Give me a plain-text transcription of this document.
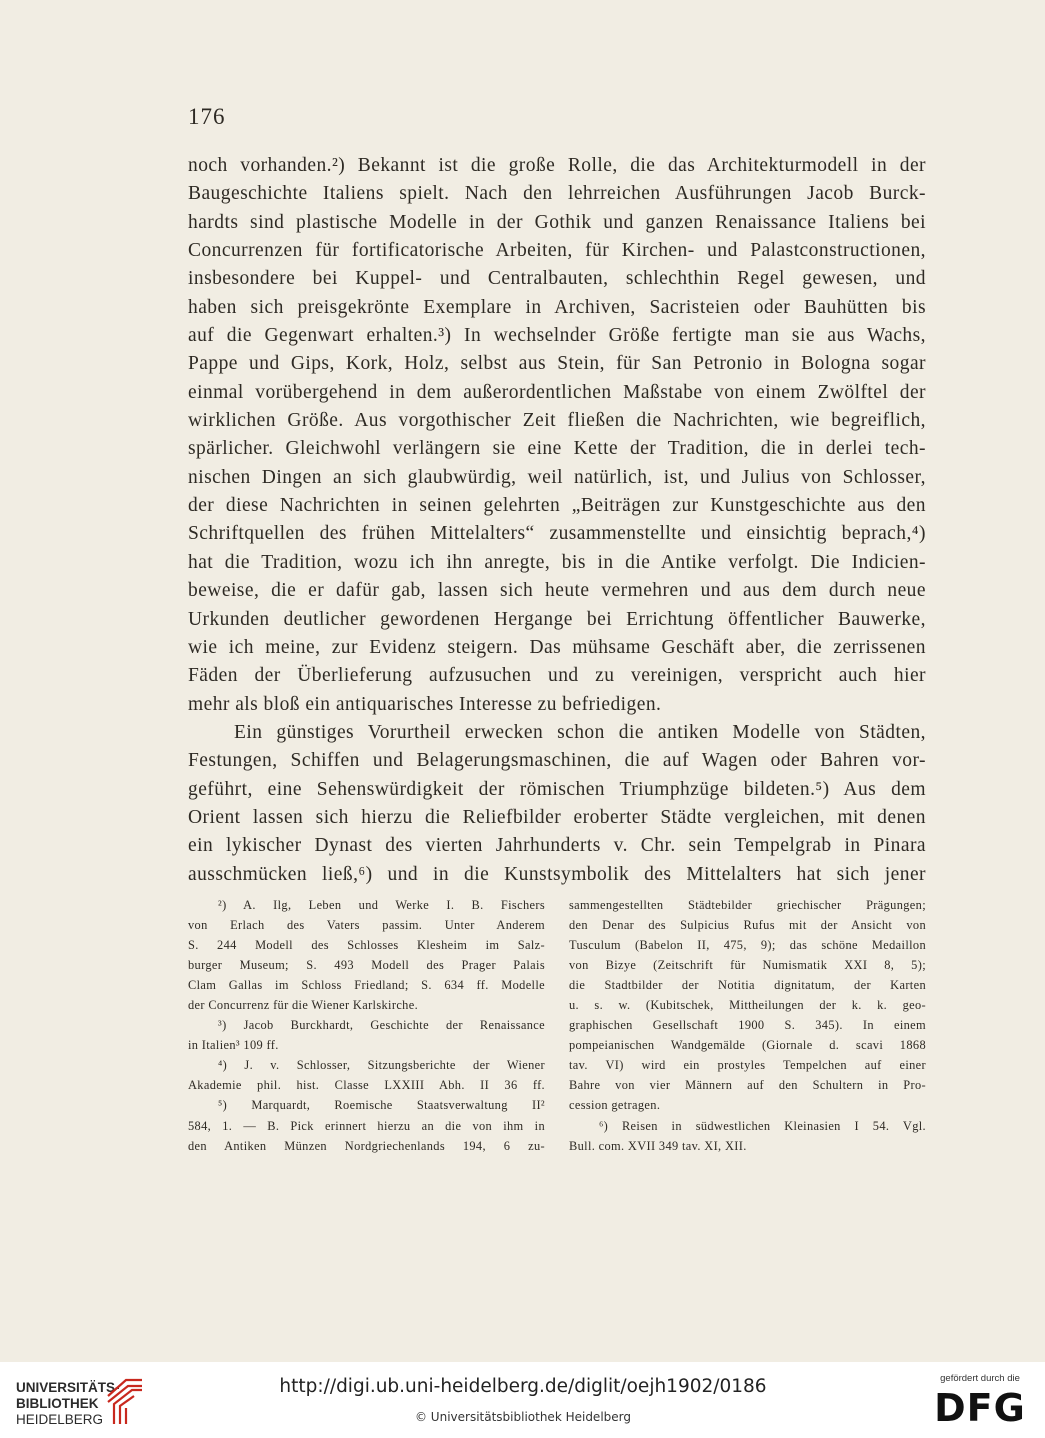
176
noch vorhanden.²) Bekannt ist die große Rolle, die das Architekturmodell in der
Baugeschichte Italiens spielt. Nach den lehrreichen Ausführungen Jacob Burck-
hardts sind plastische Modelle in der Gothik und ganzen Renaissance Italiens bei
Concurrenzen für fortificatorische Arbeiten, für Kirchen- und Palastconstructionen,
insbesondere bei Kuppel- und Centralbauten, schlechthin Regel gewesen, und
haben sich preisgekrönte Exemplare in Archiven, Sacristeien oder Bauhütten bis
auf die Gegenwart erhalten.³) In wechselnder Größe fertigte man sie aus Wachs,
Pappe und Gips, Kork, Holz, selbst aus Stein, für San Petronio in Bologna sogar
einmal vorübergehend in dem außerordentlichen Maßstabe von einem Zwölftel der
wirklichen Größe. Aus vorgothischer Zeit fließen die Nachrichten, wie begreiflich,
spärlicher. Gleichwohl verlängern sie eine Kette der Tradition, die in derlei tech-
nischen Dingen an sich glaubwürdig, weil natürlich, ist, und Julius von Schlosser,
der diese Nachrichten in seinen gelehrten „Beiträgen zur Kunstgeschichte aus den
Schriftquellen des frühen Mittelalters“ zusammenstellte und einsichtig beprach,⁴)
hat die Tradition, wozu ich ihn anregte, bis in die Antike verfolgt. Die Indicien-
beweise, die er dafür gab, lassen sich heute vermehren und aus dem durch neue
Urkunden deutlicher gewordenen Hergange bei Errichtung öffentlicher Bauwerke,
wie ich meine, zur Evidenz steigern. Das mühsame Geschäft aber, die zerrissenen
Fäden der Überlieferung aufzusuchen und zu vereinigen, verspricht auch hier
mehr als bloß ein antiquarisches Interesse zu befriedigen.
Ein günstiges Vorurtheil erwecken schon die antiken Modelle von Städten,
Festungen, Schiffen und Belagerungsmaschinen, die auf Wagen oder Bahren vor-
geführt, eine Sehenswürdigkeit der römischen Triumphzüge bildeten.⁵) Aus dem
Orient lassen sich hierzu die Reliefbilder eroberter Städte vergleichen, mit denen
ein lykischer Dynast des vierten Jahrhunderts v. Chr. sein Tempelgrab in Pinara
ausschmücken ließ,⁶) und in die Kunstsymbolik des Mittelalters hat sich jener
²) A. Ilg, Leben und Werke I. B. Fischers
von Erlach des Vaters passim. Unter Anderem
S. 244 Modell des Schlosses Klesheim im Salz-
burger Museum; S. 493 Modell des Prager Palais
Clam Gallas im Schloss Friedland; S. 634 ff. Modelle
der Concurrenz für die Wiener Karlskirche.
³) Jacob Burckhardt, Geschichte der Renaissance
in Italien³ 109 ff.
⁴) J. v. Schlosser, Sitzungsberichte der Wiener
Akademie phil. hist. Classe LXXIII Abh. II 36 ff.
⁵) Marquardt, Roemische Staatsverwaltung II²
584, 1. — B. Pick erinnert hierzu an die von ihm in
den Antiken Münzen Nordgriechenlands 194, 6 zu-
sammengestellten Städtebilder griechischer Prägungen;
den Denar des Sulpicius Rufus mit der Ansicht von
Tusculum (Babelon II, 475, 9); das schöne Medaillon
von Bizye (Zeitschrift für Numismatik XXI 8, 5);
die Stadtbilder der Notitia dignitatum, der Karten
u. s. w. (Kubitschek, Mittheilungen der k. k. geo-
graphischen Gesellschaft 1900 S. 345). In einem
pompeianischen Wandgemälde (Giornale d. scavi 1868
tav. VI) wird ein prostyles Tempelchen auf einer
Bahre von vier Männern auf den Schultern in Pro-
cession getragen.
⁶) Reisen in südwestlichen Kleinasien I 54. Vgl.
Bull. com. XVII 349 tav. XI, XII.
UNIVERSITÄTS-
BIBLIOTHEK
HEIDELBERG
http://digi.ub.uni-heidelberg.de/diglit/oejh1902/0186
© Universitätsbibliothek Heidelberg
gefördert durch die
DFG
